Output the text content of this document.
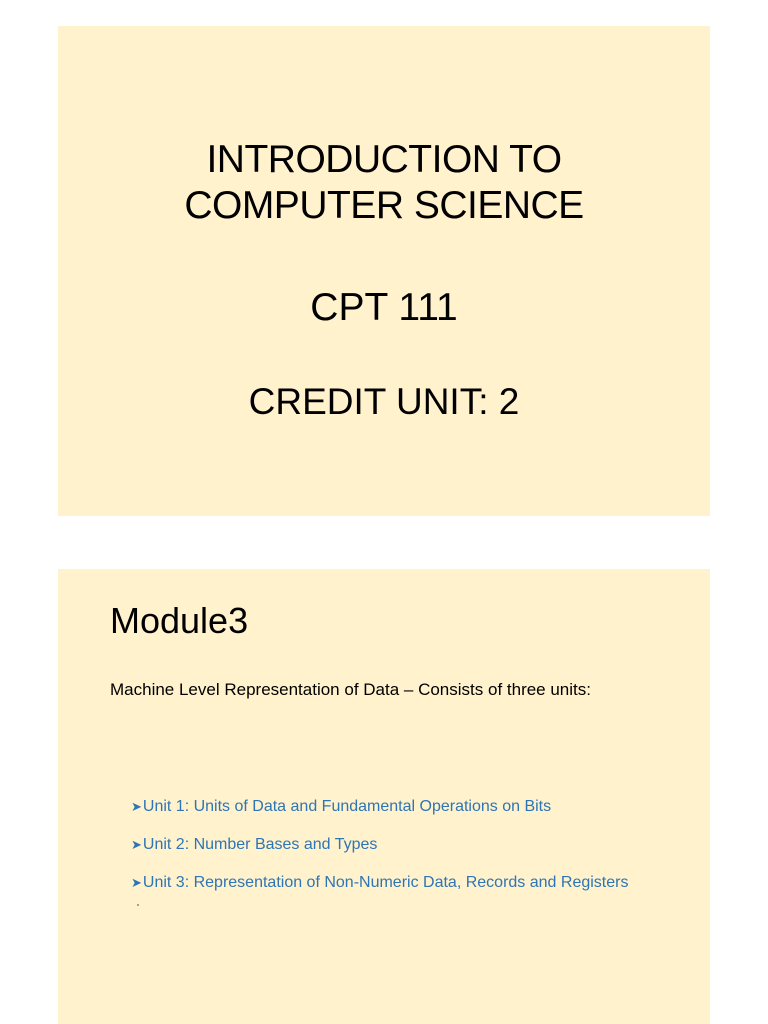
INTRODUCTION TO
COMPUTER SCIENCE
CPT 111
CREDIT UNIT: 2
Module3
Machine Level Representation of Data – Consists of three units:
➤ Unit 1: Units of Data and Fundamental Operations on Bits
➤ Unit 2: Number Bases and Types
➤ Unit 3: Representation of Non-Numeric Data, Records and Registers
